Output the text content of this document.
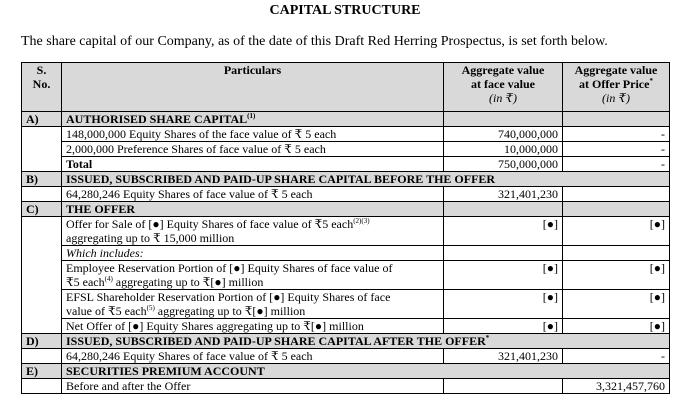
CAPITAL STRUCTURE
The share capital of our Company, as of the date of this Draft Red Herring Prospectus, is set forth below.
S.
No.	Particulars	Aggregate value
at face value
(in ₹)	Aggregate value
at Offer Price*
(in ₹)
A)	AUTHORISED SHARE CAPITAL$^{(1)}$		
	148,000,000 Equity Shares of the face value of ₹ 5 each	740,000,000	-
	2,000,000 Preference Shares of face value of ₹ 5 each	10,000,000	-
	Total	750,000,000	-
B)	ISSUED, SUBSCRIBED AND PAID-UP SHARE CAPITAL BEFORE THE OFFER		
	64,280,246 Equity Shares of face value of ₹ 5 each	321,401,230	
C)	THE OFFER		
	Offer for Sale of [●] Equity Shares of face value of ₹5 each$^{(2)(3)}$
aggregating up to ₹ 15,000 million	[●]	[●]
	Which includes:		
	Employee Reservation Portion of [●] Equity Shares of face value of
₹5 each$^{(4)}$ aggregating up to ₹[●] million	[●]	[●]
	EFSL Shareholder Reservation Portion of [●] Equity Shares of face
value of ₹5 each$^{(5)}$ aggregating up to ₹[●] million	[●]	[●]
	Net Offer of [●] Equity Shares aggregating up to ₹[●] million	[●]	[●]
D)	ISSUED, SUBSCRIBED AND PAID-UP SHARE CAPITAL AFTER THE OFFER*
	64,280,246 Equity Shares of face value of ₹ 5 each	321,401,230	-
E)	SECURITIES PREMIUM ACCOUNT		
	Before and after the Offer		3,321,457,760
